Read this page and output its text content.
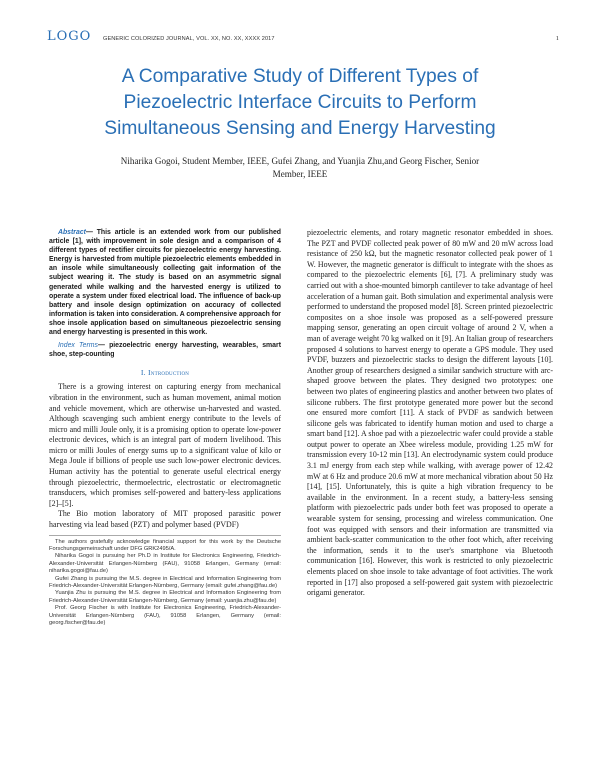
LOGO GENERIC COLORIZED JOURNAL, VOL. XX, NO. XX, XXXX 2017	1
A Comparative Study of Different Types of
Piezoelectric Interface Circuits to Perform
Simultaneous Sensing and Energy Harvesting
Niharika Gogoi, Student Member, IEEE, Gufei Zhang, and Yuanjia Zhu,and Georg Fischer, Senior
Member, IEEE

Abstract— This article is an extended work from our published article [1], with improvement in sole design and a comparison of 4 different types of rectifier circuits for piezoelectric energy harvesting. Energy is harvested from multiple piezoelectric elements embedded in an insole while simultaneously collecting gait information of the subject wearing it. The study is based on an asymmetric signal generated while walking and the harvested energy is utilized to operate a system under fixed electrical load. The influence of back-up battery and insole design optimization on accuracy of collected information is taken into consideration. A comprehensive approach for shoe insole application based on simultaneous piezoelectric sensing and energy harvesting is presented in this work.

Index Terms— piezoelectric energy harvesting, wearables, smart shoe, step-counting

I. Introduction

There is a growing interest on capturing energy from mechanical vibration in the environment, such as human movement, animal motion and vehicle movement, which are otherwise un-harvested and wasted. Although scavenging such ambient energy contribute to the levels of micro and milli Joule only, it is a promising option to operate low-power electronic devices, which is an integral part of modern livelihood. This micro or milli Joules of energy sums up to a significant value of kilo or Mega Joule if billions of people use such low-power electronic devices. Human activity has the potential to generate useful electrical energy through piezoelectric, thermoelectric, electrostatic or electromagnetic transducers, which promises self-powered and battery-less applications [2]–[5].

The Bio motion laboratory of MIT proposed parasitic power harvesting via lead based (PZT) and polymer based (PVDF)

The authors gratefully acknowledge financial support for this work by the Deutsche Forschungsgemeinschaft under DFG GRK2495/A.

Niharika Gogoi is pursuing her Ph.D in Institute for Electronics Engineering, Friedrich-Alexander-Universität Erlangen-Nürnberg (FAU), 91058 Erlangen, Germany (email: niharika.gogoi@fau.de)

Gufei Zhang is pursuing the M.S. degree in Electrical and Information Engineering from Friedrich-Alexander-Universität Erlangen-Nürnberg, Germany (email: gufei.zhang@fau.de)

Yuanjia Zhu is pursuing the M.S. degree in Electrical and Information Engineering from Friedrich-Alexander-Universität Erlangen-Nürnberg, Germany (email: yuanjia.zhu@fau.de)

Prof. Georg Fischer is with Institute for Electronics Engineering, Friedrich-Alexander-Universität Erlangen-Nürnberg (FAU), 91058 Erlangen, Germany (email: georg.fischer@fau.de)

piezoelectric elements, and rotary magnetic resonator embedded in shoes. The PZT and PVDF collected peak power of 80 mW and 20 mW across load resistance of 250 kΩ, but the magnetic resonator collected peak power of 1 W. However, the magnetic generator is difficult to integrate with the shoes as compared to the piezoelectric elements [6], [7]. A preliminary study was carried out with a shoe-mounted bimorph cantilever to take advantage of heel acceleration of a human gait. Both simulation and experimental analysis were performed to understand the proposed model [8]. Screen printed piezoelectric composites on a shoe insole was proposed as a self-powered pressure mapping sensor, generating an open circuit voltage of around 2 V, when a man of average weight 70 kg walked on it [9]. An Italian group of researchers proposed 4 solutions to harvest energy to operate a GPS module. They used PVDF, buzzers and piezoelectric stacks to design the different layouts [10]. Another group of researchers designed a similar sandwich structure with arc-shaped groove between the plates. They designed two prototypes: one between two plates of engineering plastics and another between two plates of silicone rubbers. The first prototype generated more power but the second one ensured more comfort [11]. A stack of PVDF as sandwich between silicone gels was fabricated to identify human motion and used to charge a smart band [12]. A shoe pad with a piezoelectric wafer could provide a stable output power to operate an Xbee wireless module, providing 1.25 mW for transmission every 10-12 min [13]. An electrodynamic system could produce 3.1 mJ energy from each step while walking, with average power of 12.42 mW at 6 Hz and produce 20.6 mW at more mechanical vibration about 50 Hz [14], [15]. Unfortunately, this is quite a high vibration frequency to be available in the environment. In a recent study, a battery-less sensing platform with piezoelectric pads under both feet was proposed to operate a wearable system for sensing, processing and wireless communication. One foot was equipped with sensors and their information are transmitted via ambient back-scatter communication to the other foot which, after receiving the information, sends it to the user's smartphone via Bluetooth communication [16]. However, this work is restricted to only piezoelectric elements placed on shoe insole to take advantage of foot activities. The work reported in [17] also proposed a self-powered gait system with piezoelectric origami generator.
